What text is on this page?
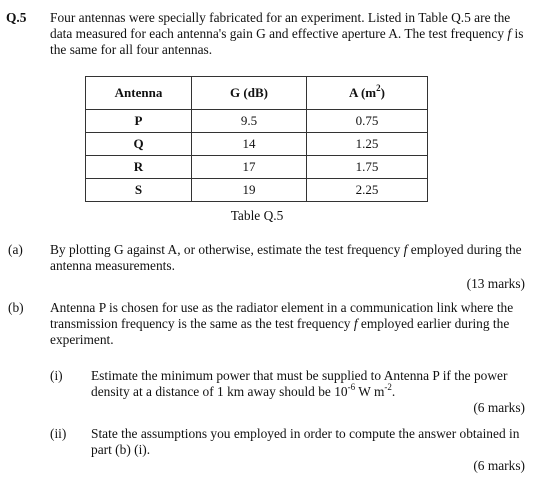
Q.5 Four antennas were specially fabricated for an experiment. Listed in Table Q.5 are the data measured for each antenna's gain G and effective aperture A. The test frequency f is the same for all four antennas.

Antenna	G (dB)	A $(m^2)$
P	9.5	0.75
Q	14	1.25
R	17	1.75
S	19	2.25
Table Q.5
(a) By plotting G against A, or otherwise, estimate the test frequency f employed during the antenna measurements.
(13 marks)
(b) Antenna P is chosen for use as the radiator element in a communication link where the transmission frequency is the same as the test frequency f employed earlier during the experiment.
(i) Estimate the minimum power that must be supplied to Antenna P if the power density at a distance of 1 km away should be $10^{-6}$ W $m^{-2}$.
(6 marks)
(ii) State the assumptions you employed in order to compute the answer obtained in part (b) (i).
(6 marks)
